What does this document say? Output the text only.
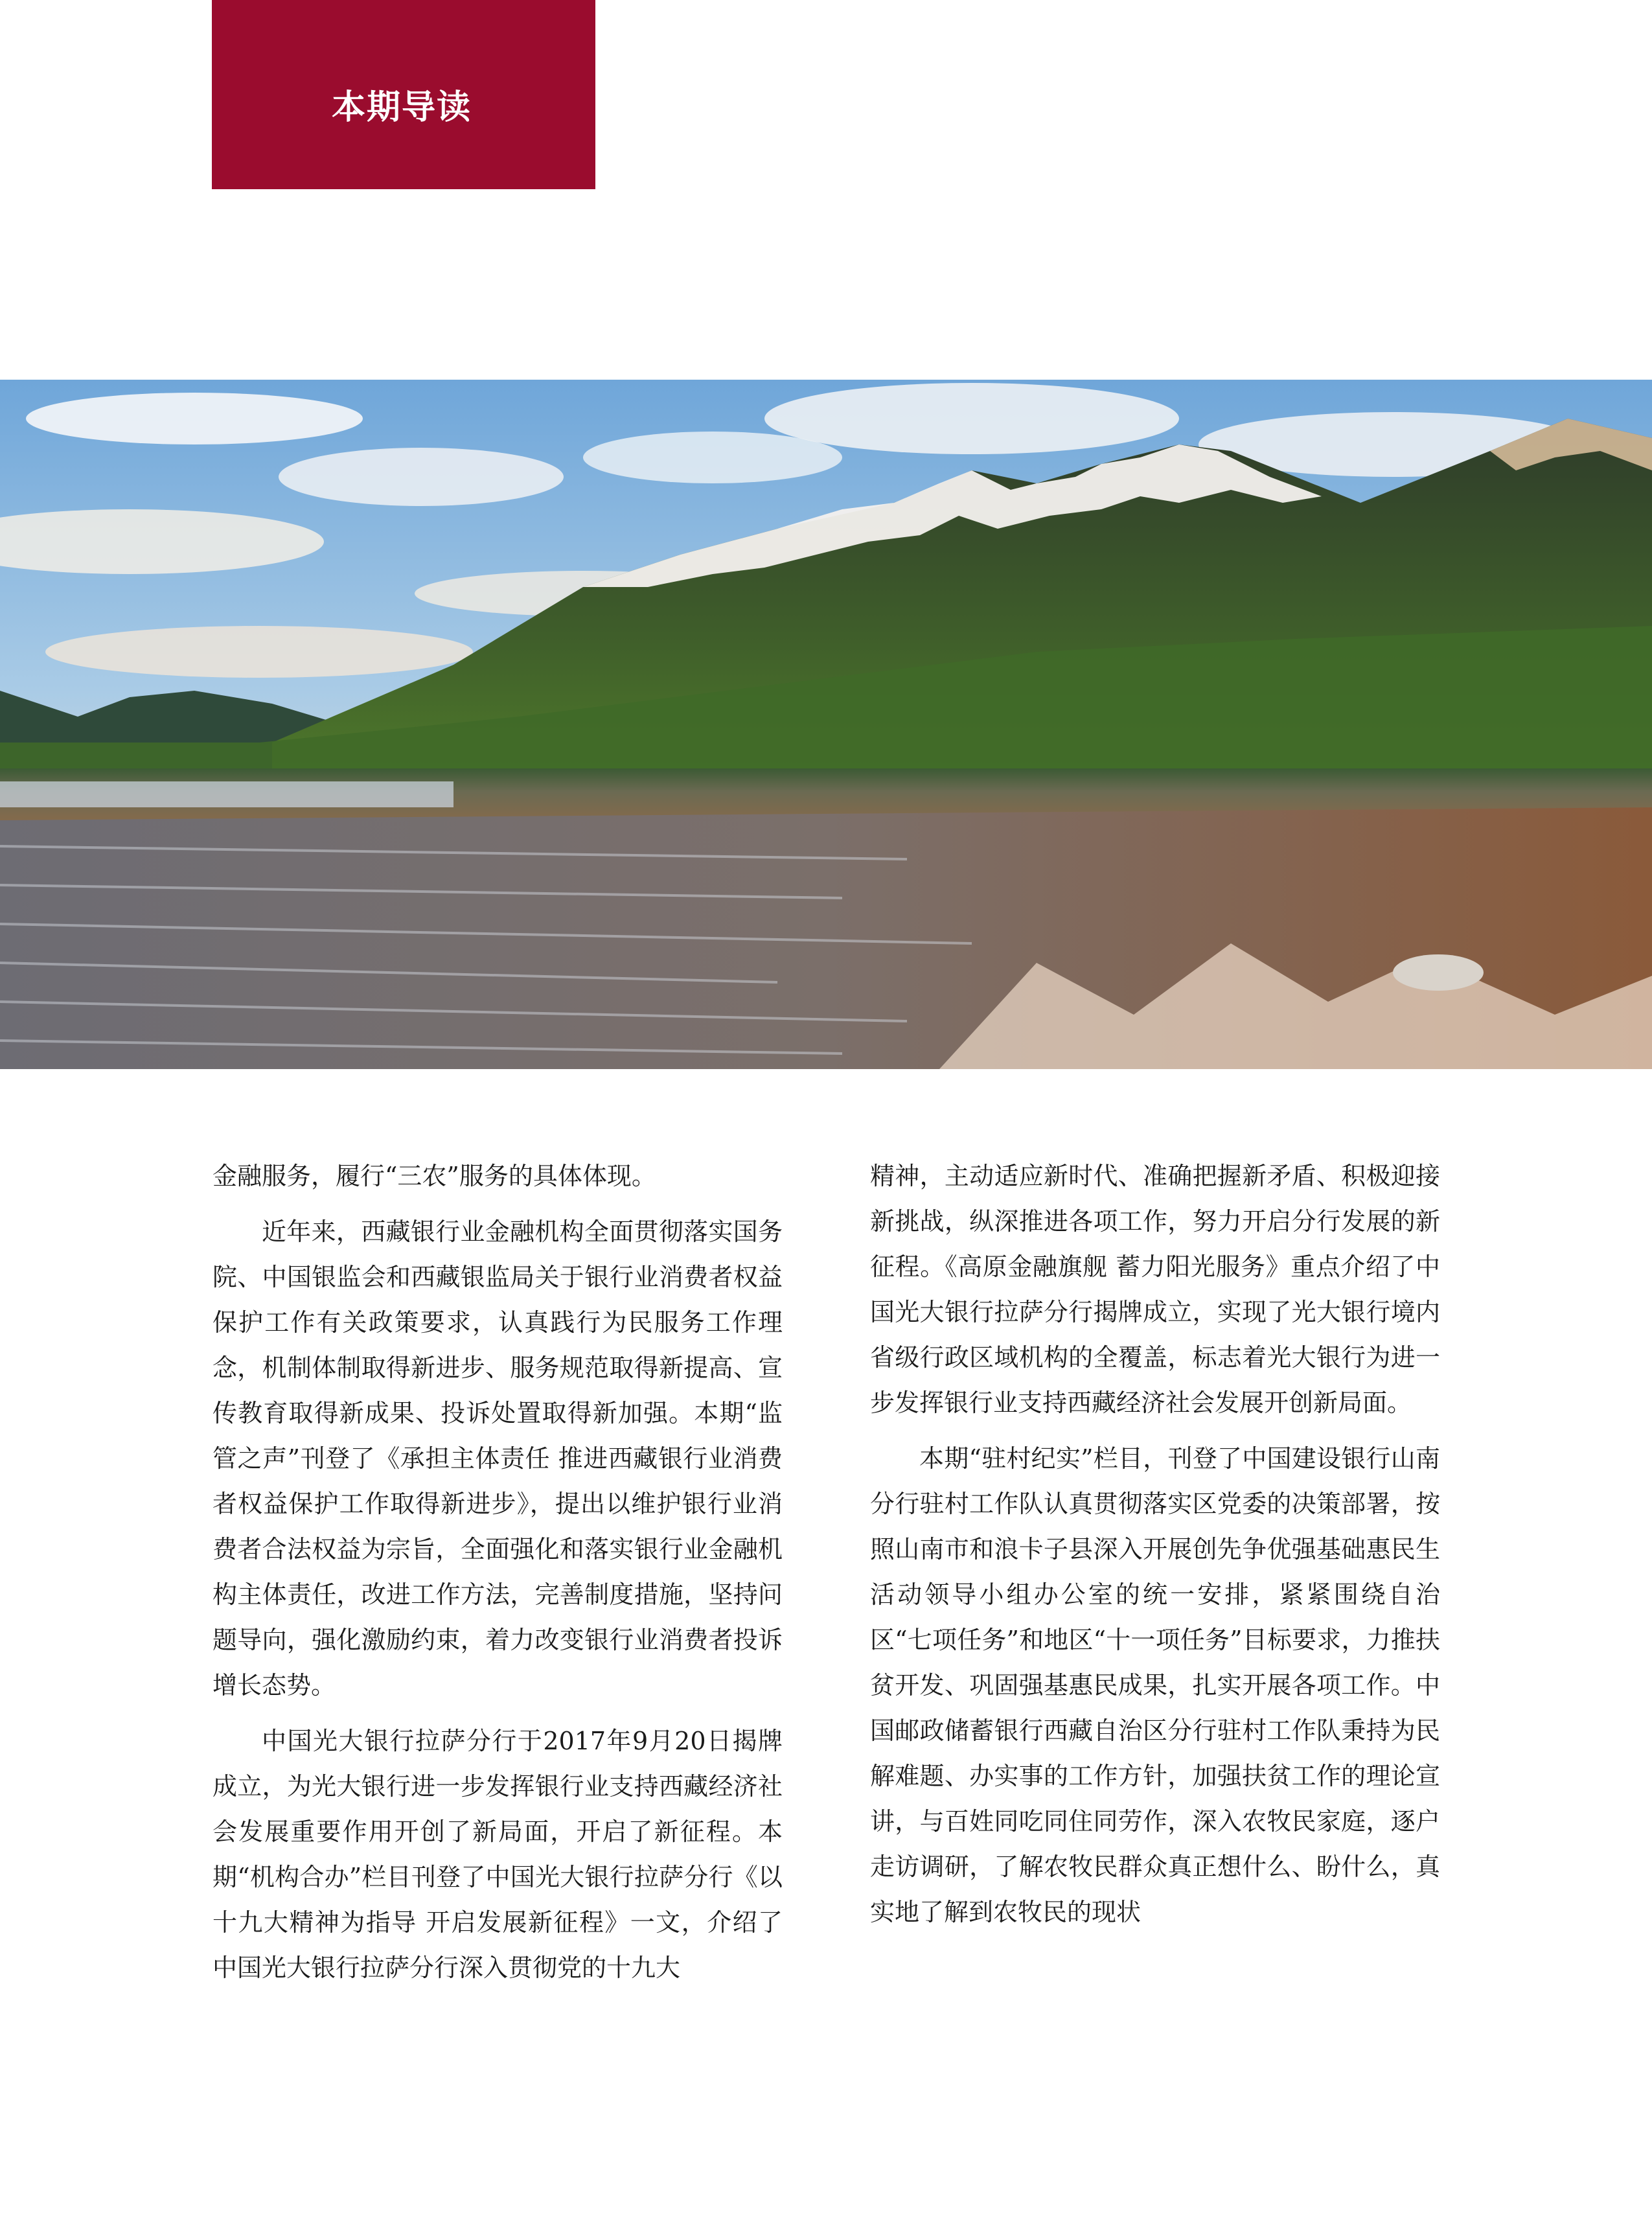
本期导读

金融服务，履行“三农”服务的具体体现。

近年来，西藏银行业金融机构全面贯彻落实国务院、中国银监会和西藏银监局关于银行业消费者权益保护工作有关政策要求，认真践行为民服务工作理念，机制体制取得新进步、服务规范取得新提高、宣传教育取得新成果、投诉处置取得新加强。本期“监管之声”刊登了《承担主体责任 推进西藏银行业消费者权益保护工作取得新进步》，提出以维护银行业消费者合法权益为宗旨，全面强化和落实银行业金融机构主体责任，改进工作方法，完善制度措施，坚持问题导向，强化激励约束，着力改变银行业消费者投诉增长态势。

中国光大银行拉萨分行于2017年9月20日揭牌成立，为光大银行进一步发挥银行业支持西藏经济社会发展重要作用开创了新局面，开启了新征程。本期“机构合办”栏目刊登了中国光大银行拉萨分行《以十九大精神为指导 开启发展新征程》一文，介绍了中国光大银行拉萨分行深入贯彻党的十九大

精神，主动适应新时代、准确把握新矛盾、积极迎接新挑战，纵深推进各项工作，努力开启分行发展的新征程。《高原金融旗舰 蓄力阳光服务》重点介绍了中国光大银行拉萨分行揭牌成立，实现了光大银行境内省级行政区域机构的全覆盖，标志着光大银行为进一步发挥银行业支持西藏经济社会发展开创新局面。

本期“驻村纪实”栏目，刊登了中国建设银行山南分行驻村工作队认真贯彻落实区党委的决策部署，按照山南市和浪卡子县深入开展创先争优强基础惠民生活动领导小组办公室的统一安排，紧紧围绕自治区“七项任务”和地区“十一项任务”目标要求，力推扶贫开发、巩固强基惠民成果，扎实开展各项工作。中国邮政储蓄银行西藏自治区分行驻村工作队秉持为民解难题、办实事的工作方针，加强扶贫工作的理论宣讲，与百姓同吃同住同劳作，深入农牧民家庭，逐户走访调研，了解农牧民群众真正想什么、盼什么，真实地了解到农牧民的现状
